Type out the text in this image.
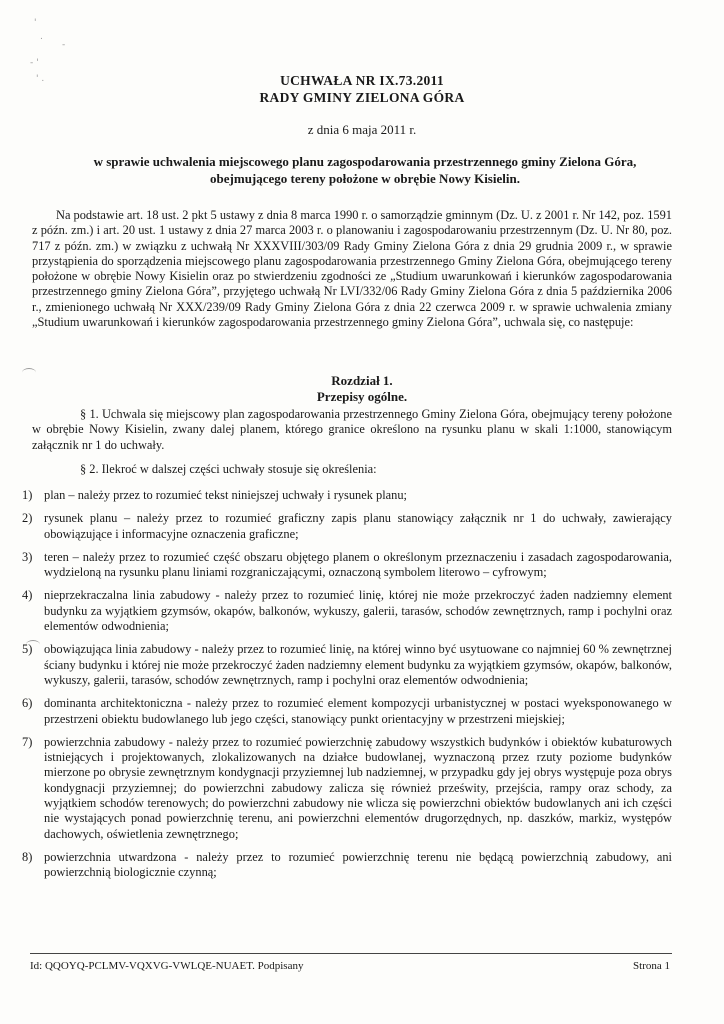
'
.
-
- '
' .	UCHWAŁA NR IX.73.2011
RADY GMINY ZIELONA GÓRA
z dnia 6 maja 2011 r.
w sprawie uchwalenia miejscowego planu zagospodarowania przestrzennego gminy Zielona Góra,
obejmującego tereny położone w obrębie Nowy Kisielin.
Na podstawie art. 18 ust. 2 pkt 5 ustawy z dnia 8 marca 1990 r. o samorządzie gminnym (Dz. U. z 2001 r. Nr 142, poz. 1591 z późn. zm.) i art. 20 ust. 1 ustawy z dnia 27 marca 2003 r. o planowaniu i zagospodarowaniu przestrzennym (Dz. U. Nr 80, poz. 717 z późn. zm.) w związku z uchwałą Nr XXXVIII/303/09 Rady Gminy Zielona Góra z dnia 29 grudnia 2009 r., w sprawie przystąpienia do sporządzenia miejscowego planu zagospodarowania przestrzennego Gminy Zielona Góra, obejmującego tereny położone w obrębie Nowy Kisielin oraz po stwierdzeniu zgodności ze „Studium uwarunkowań i kierunków zagospodarowania przestrzennego gminy Zielona Góra”, przyjętego uchwałą Nr LVI/332/06 Rady Gminy Zielona Góra z dnia 5 października 2006 r., zmienionego uchwałą Nr XXX/239/09 Rady Gminy Zielona Góra z dnia 22 czerwca 2009 r. w sprawie uchwalenia zmiany „Studium uwarunkowań i kierunków zagospodarowania przestrzennego gminy Zielona Góra”, uchwala się, co następuje:
Rozdział 1.
Przepisy ogólne.
§ 1. Uchwala się miejscowy plan zagospodarowania przestrzennego Gminy Zielona Góra, obejmujący tereny położone w obrębie Nowy Kisielin, zwany dalej planem, którego granice określono na rysunku planu w skali 1:1000, stanowiącym załącznik nr 1 do uchwały.
§ 2. Ilekroć w dalszej części uchwały stosuje się określenia:
1) plan – należy przez to rozumieć tekst niniejszej uchwały i rysunek planu;
2) rysunek planu – należy przez to rozumieć graficzny zapis planu stanowiący załącznik nr 1 do uchwały, zawierający obowiązujące i informacyjne oznaczenia graficzne;
3) teren – należy przez to rozumieć część obszaru objętego planem o określonym przeznaczeniu i zasadach zagospodarowania, wydzieloną na rysunku planu liniami rozgraniczającymi, oznaczoną symbolem literowo – cyfrowym;
4) nieprzekraczalna linia zabudowy - należy przez to rozumieć linię, której nie może przekroczyć żaden nadziemny element budynku za wyjątkiem gzymsów, okapów, balkonów, wykuszy, galerii, tarasów, schodów zewnętrznych, ramp i pochylni oraz elementów odwodnienia;
5) obowiązująca linia zabudowy - należy przez to rozumieć linię, na której winno być usytuowane co najmniej 60 % zewnętrznej ściany budynku i której nie może przekroczyć żaden nadziemny element budynku za wyjątkiem gzymsów, okapów, balkonów, wykuszy, galerii, tarasów, schodów zewnętrznych, ramp i pochylni oraz elementów odwodnienia;
6) dominanta architektoniczna - należy przez to rozumieć element kompozycji urbanistycznej w postaci wyeksponowanego w przestrzeni obiektu budowlanego lub jego części, stanowiący punkt orientacyjny w przestrzeni miejskiej;
7) powierzchnia zabudowy - należy przez to rozumieć powierzchnię zabudowy wszystkich budynków i obiektów kubaturowych istniejących i projektowanych, zlokalizowanych na działce budowlanej, wyznaczoną przez rzuty poziome budynków mierzone po obrysie zewnętrznym kondygnacji przyziemnej lub nadziemnej, w przypadku gdy jej obrys występuje poza obrys kondygnacji przyziemnej; do powierzchni zabudowy zalicza się również prześwity, przejścia, rampy oraz schody, za wyjątkiem schodów terenowych; do powierzchni zabudowy nie wlicza się powierzchni obiektów budowlanych ani ich części nie wystających ponad powierzchnię terenu, ani powierzchni elementów drugorzędnych, np. daszków, markiz, występów dachowych, oświetlenia zewnętrznego;
8) powierzchnia utwardzona - należy przez to rozumieć powierzchnię terenu nie będącą powierzchnią zabudowy, ani powierzchnią biologicznie czynną;
Id: QQOYQ-PCLMV-VQXVG-VWLQE-NUAET. Podpisany	Strona 1
